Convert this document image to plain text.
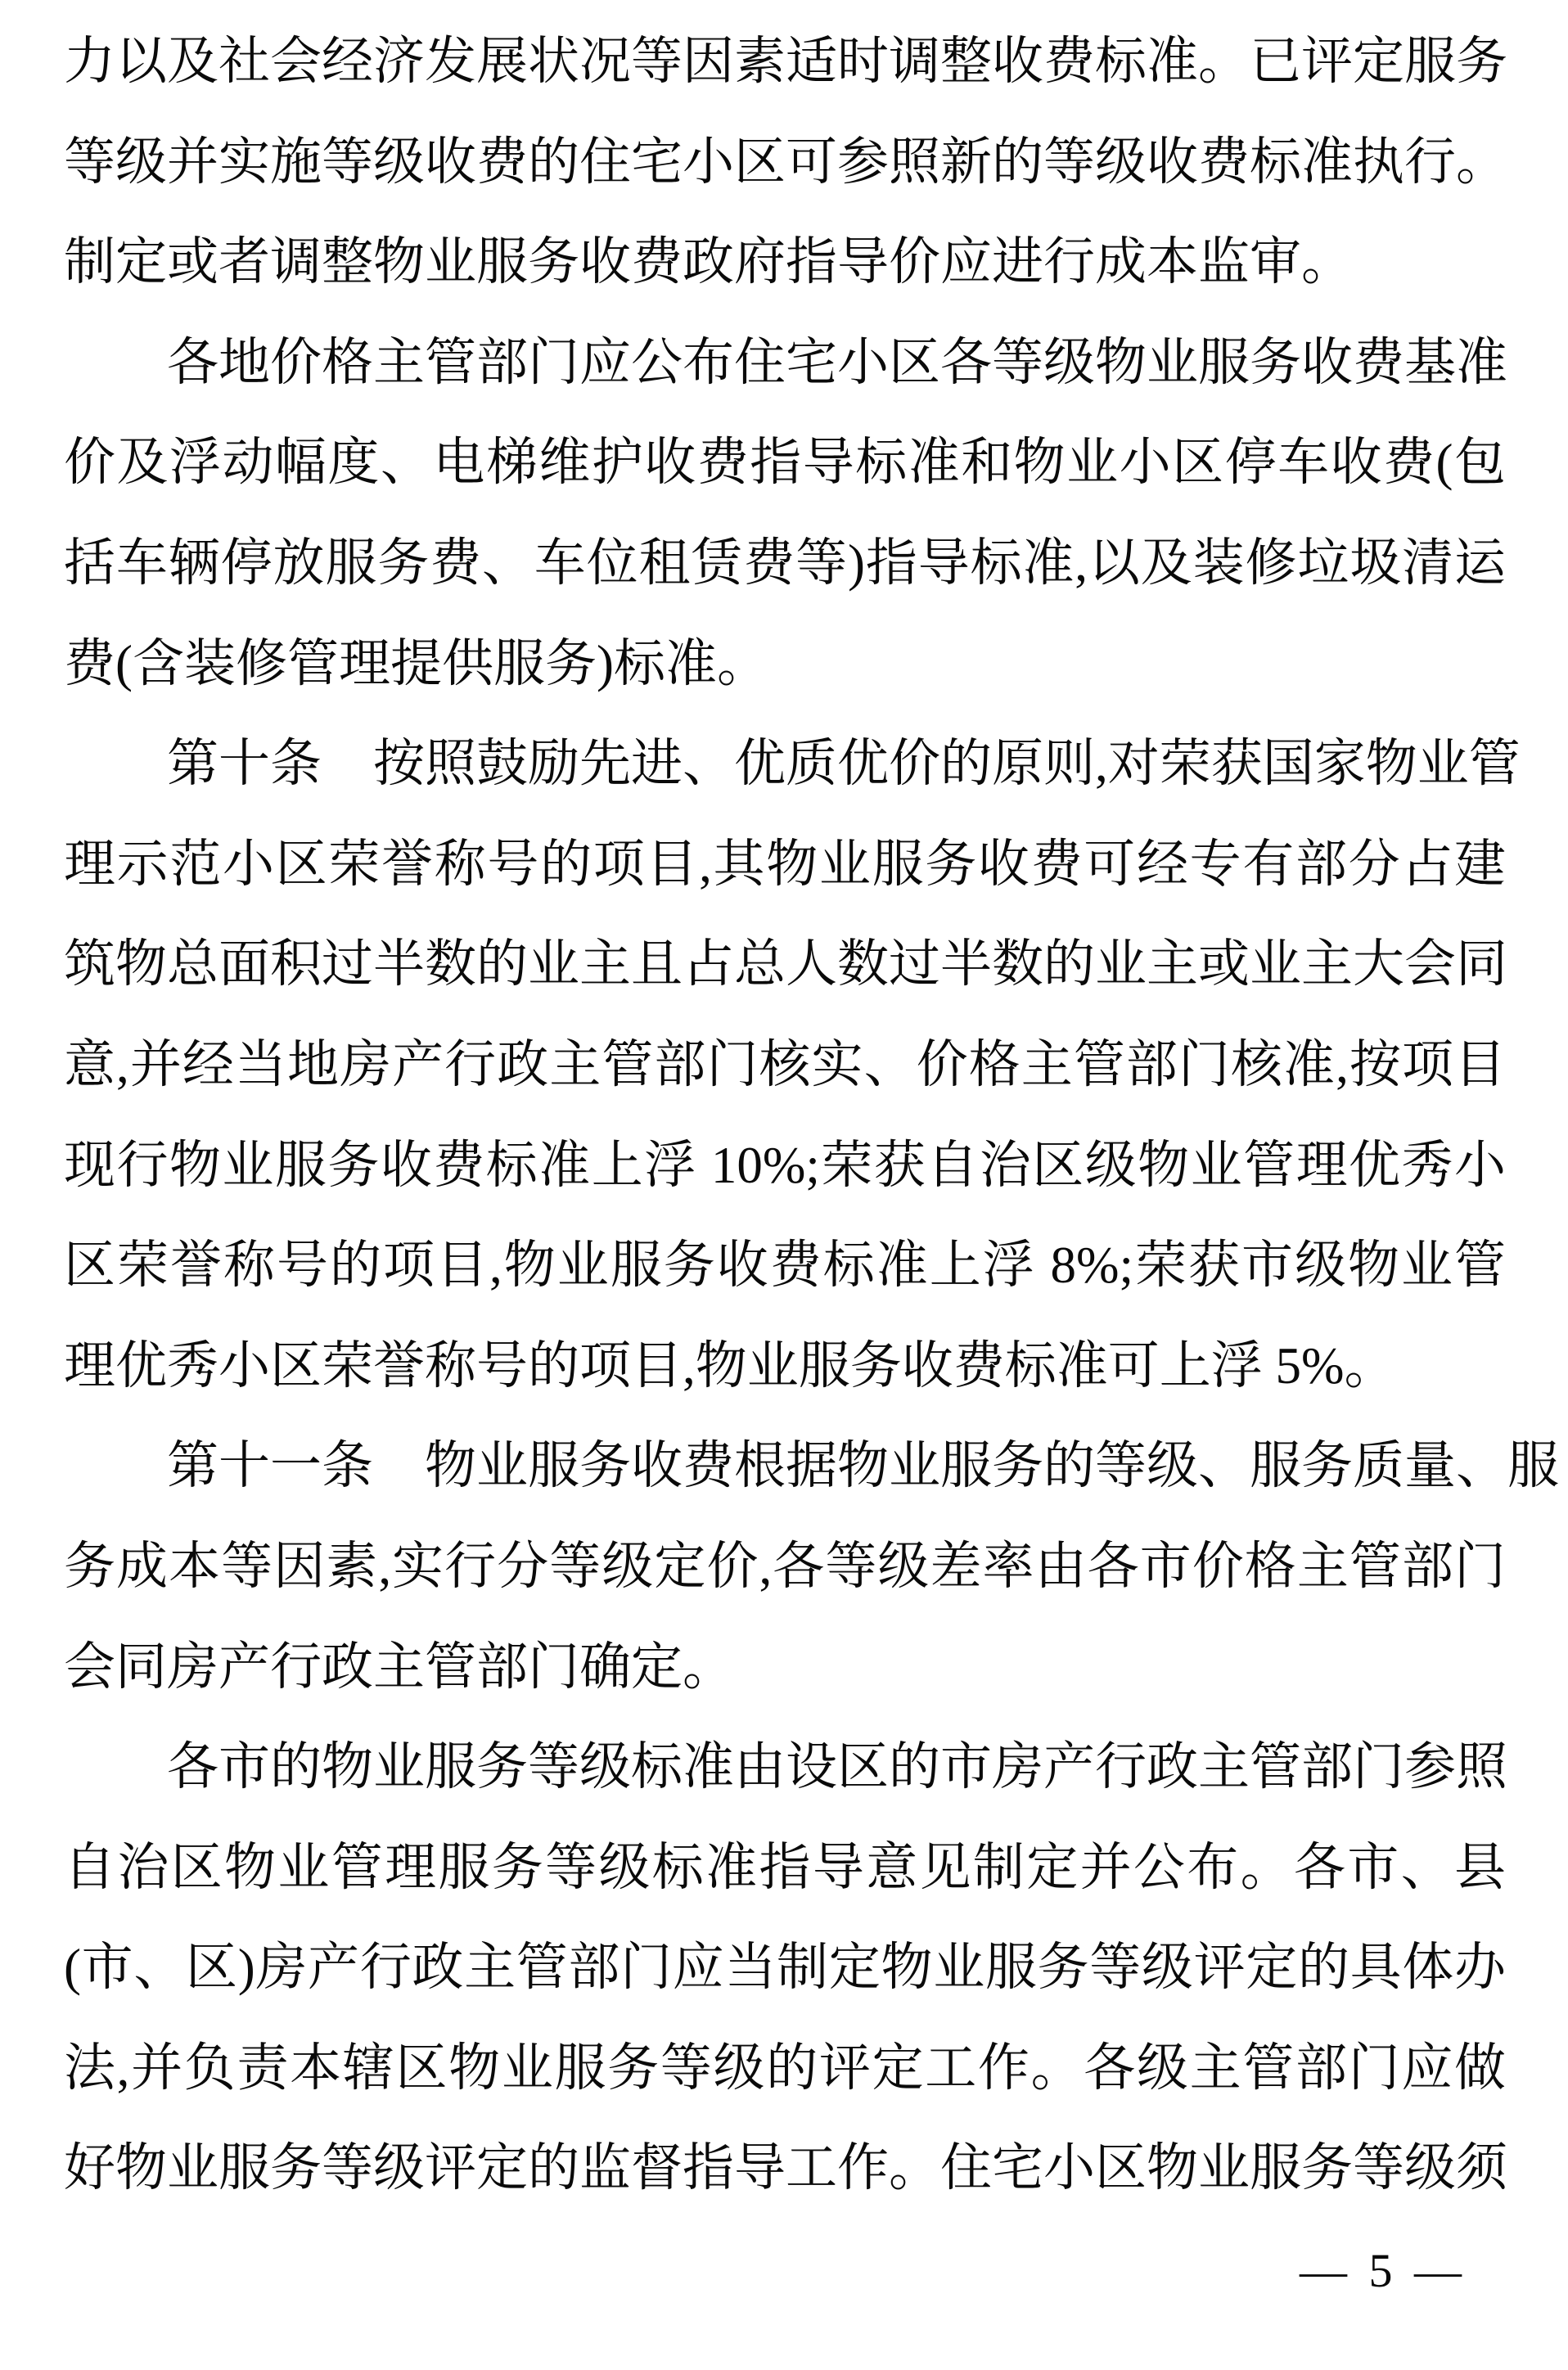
力以及社会经济发展状况等因素适时调整收费标准。已评定服务
等级并实施等级收费的住宅小区可参照新的等级收费标准执行。
制定或者调整物业服务收费政府指导价应进行成本监审。
各地价格主管部门应公布住宅小区各等级物业服务收费基准
价及浮动幅度、电梯维护收费指导标准和物业小区停车收费(包
括车辆停放服务费、车位租赁费等)指导标准,以及装修垃圾清运
费(含装修管理提供服务)标准。
第十条　按照鼓励先进、优质优价的原则,对荣获国家物业管
理示范小区荣誉称号的项目,其物业服务收费可经专有部分占建
筑物总面积过半数的业主且占总人数过半数的业主或业主大会同
意,并经当地房产行政主管部门核实、价格主管部门核准,按项目
现行物业服务收费标准上浮 10%;荣获自治区级物业管理优秀小
区荣誉称号的项目,物业服务收费标准上浮 8%;荣获市级物业管
理优秀小区荣誉称号的项目,物业服务收费标准可上浮 5%。
第十一条　物业服务收费根据物业服务的等级、服务质量、服
务成本等因素,实行分等级定价,各等级差率由各市价格主管部门
会同房产行政主管部门确定。
各市的物业服务等级标准由设区的市房产行政主管部门参照
自治区物业管理服务等级标准指导意见制定并公布。各市、县
(市、区)房产行政主管部门应当制定物业服务等级评定的具体办
法,并负责本辖区物业服务等级的评定工作。各级主管部门应做
好物业服务等级评定的监督指导工作。住宅小区物业服务等级须
— 5 —
